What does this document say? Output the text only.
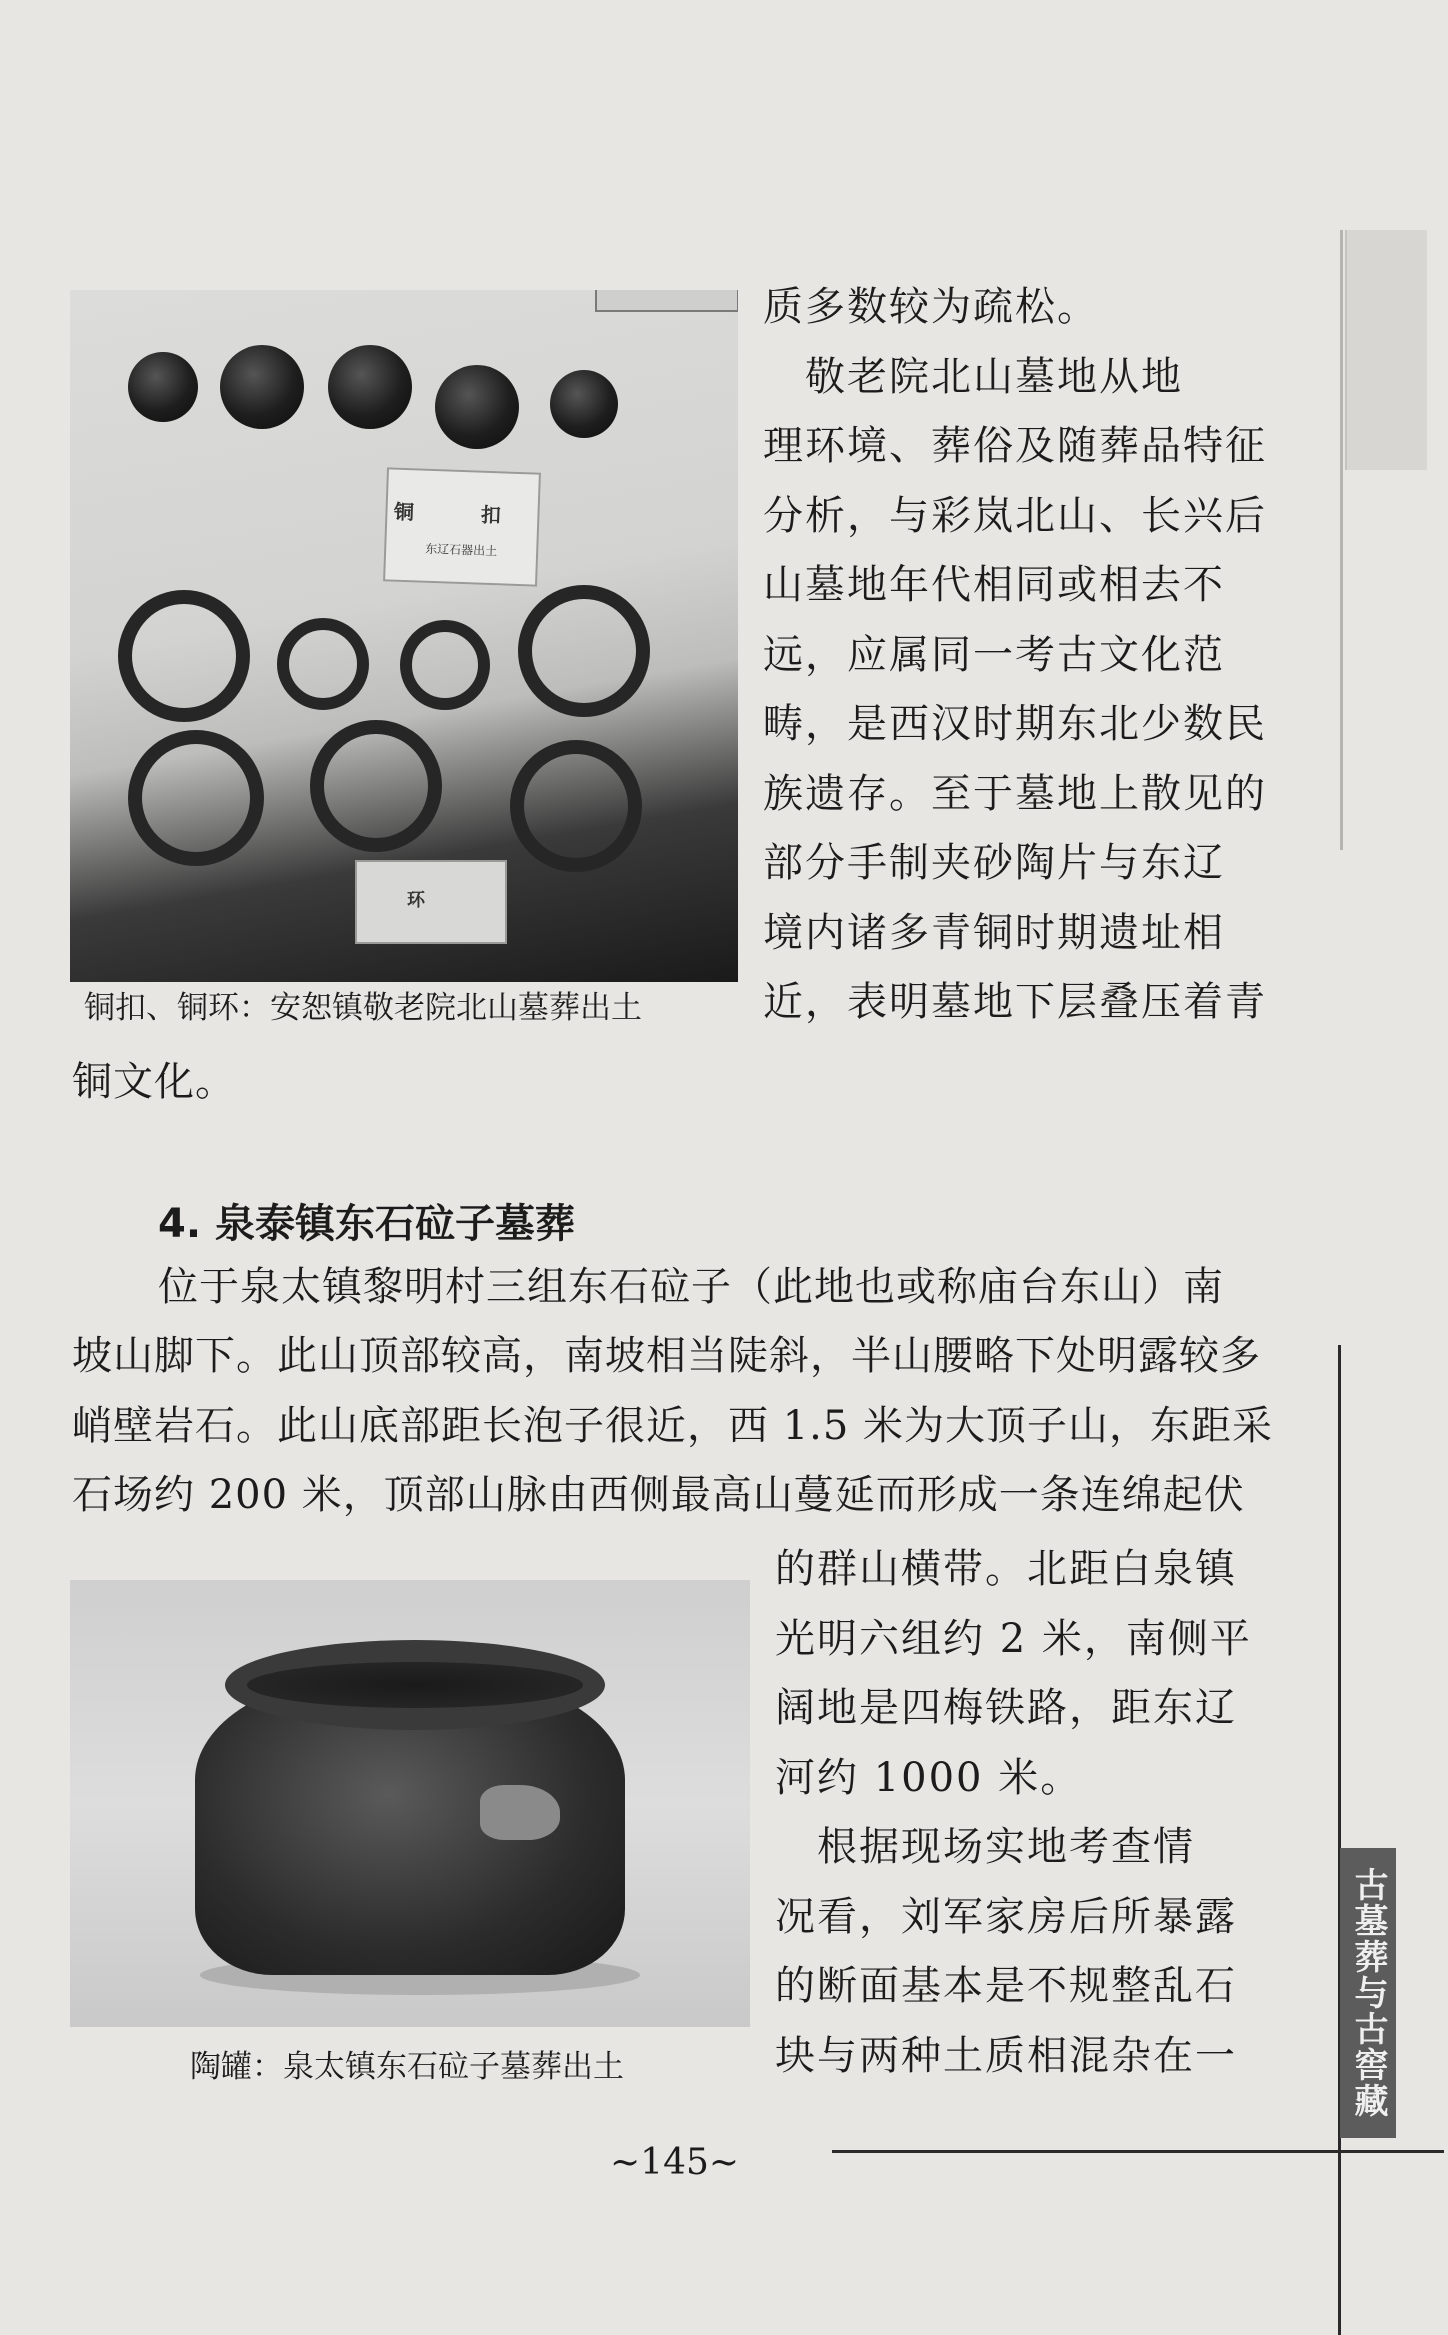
铜 扣
东辽石器出土
环
铜扣、铜环：安恕镇敬老院北山墓葬出土
质多数较为疏松。
　敬老院北山墓地从地
理环境、葬俗及随葬品特征
分析，与彩岚北山、长兴后
山墓地年代相同或相去不
远，应属同一考古文化范
畴，是西汉时期东北少数民
族遗存。至于墓地上散见的
部分手制夹砂陶片与东辽
境内诸多青铜时期遗址相
近，表明墓地下层叠压着青
铜文化。
4. 泉泰镇东石砬子墓葬
位于泉太镇黎明村三组东石砬子（此地也或称庙台东山）南
坡山脚下。此山顶部较高，南坡相当陡斜，半山腰略下处明露较多
峭壁岩石。此山底部距长泡子很近，西 1.5 米为大顶子山，东距采
石场约 200 米，顶部山脉由西侧最高山蔓延而形成一条连绵起伏
陶罐：泉太镇东石砬子墓葬出土
的群山横带。北距白泉镇
光明六组约 2 米，南侧平
阔地是四梅铁路，距东辽
河约 1000 米。
　根据现场实地考查情
况看，刘军家房后所暴露
的断面基本是不规整乱石
块与两种土质相混杂在一	古墓葬与古窖藏
~145~
